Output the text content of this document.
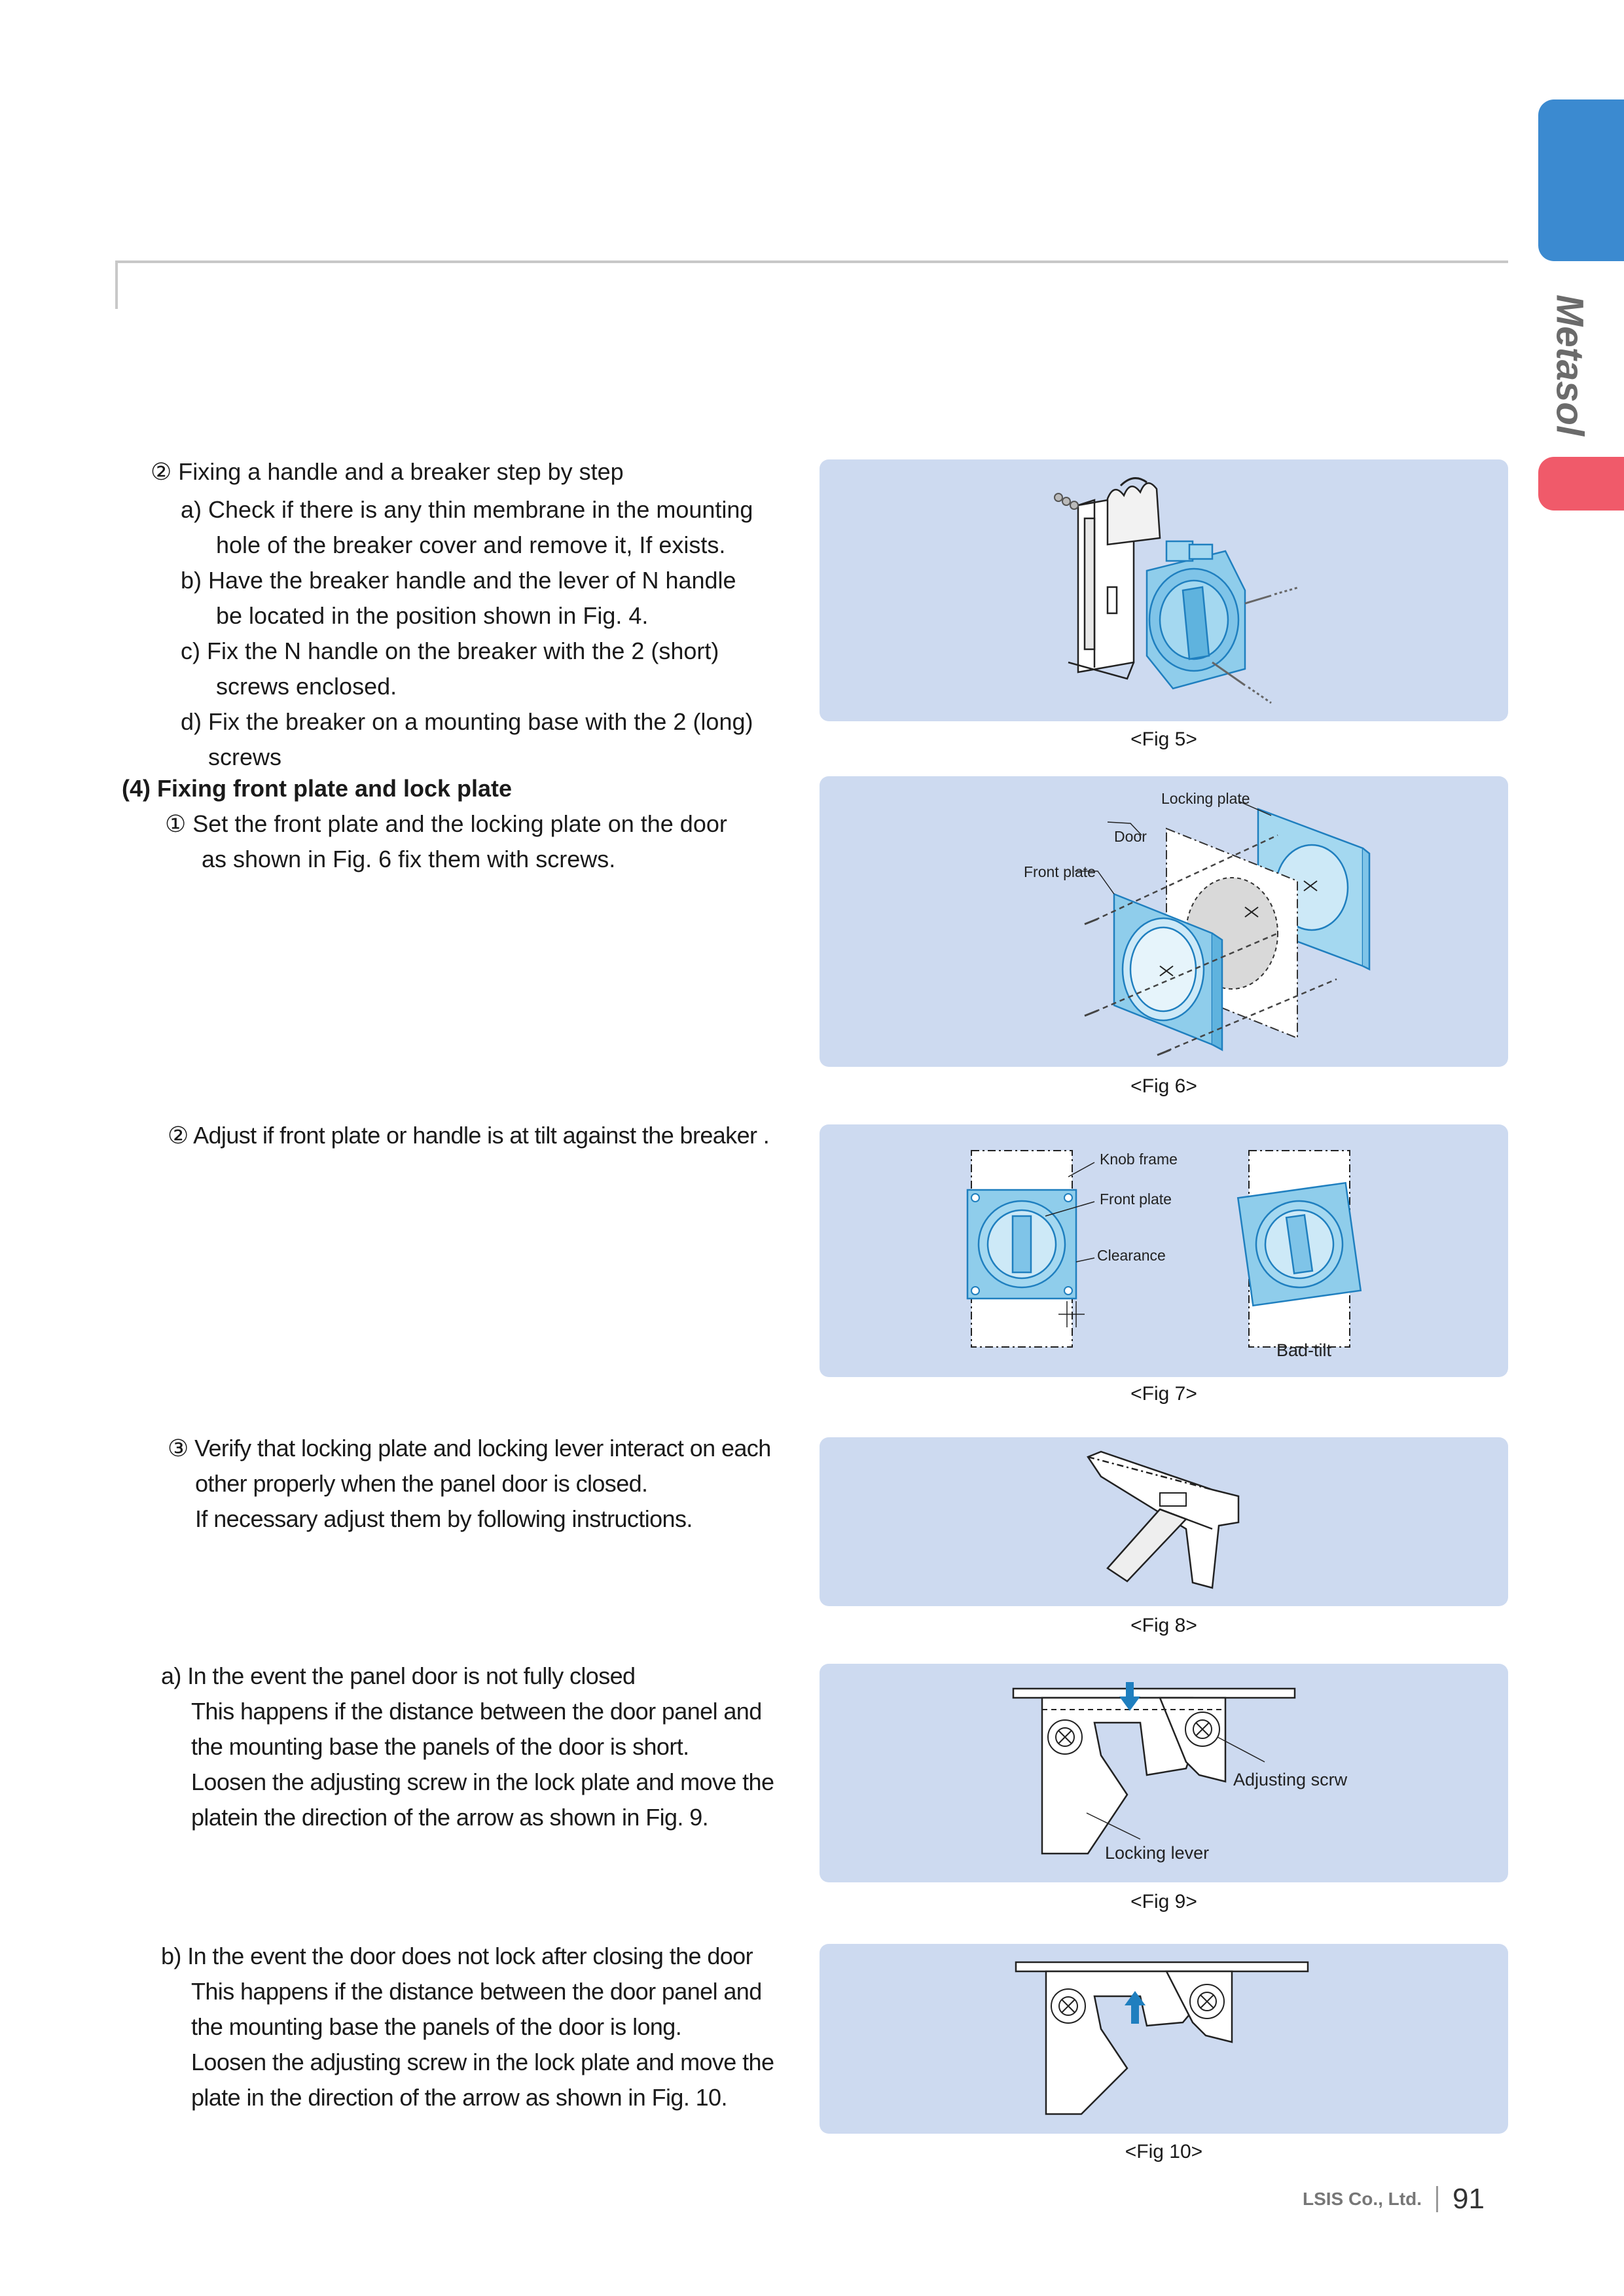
Metasol
② Fixing a handle and a breaker step by step
a) Check if there is any thin membrane in the mounting
hole of the breaker cover and remove it, If exists.
b) Have the breaker handle and the lever of N handle
be located in the position shown in Fig. 4.
c) Fix the N handle on the breaker with the 2 (short)
screws enclosed.
d) Fix the breaker on a mounting base with the 2 (long)
screws
(4) Fixing front plate and lock plate
① Set the front plate and the locking plate on the door
as shown in Fig. 6 fix them with screws.
② Adjust if front plate or handle is at tilt against the breaker .
③ Verify that locking plate and locking lever interact on each
other properly when the panel door is closed.
If necessary adjust them by following instructions.
a) In the event the panel door is not fully closed
This happens if the distance between the door panel and
the mounting base the panels of the door is short.
Loosen the adjusting screw in the lock plate and move the
platein the direction of the arrow as shown in Fig. 9.
b) In the event the door does not lock after closing the door
This happens if the distance between the door panel and
the mounting base the panels of the door is long.
Loosen the adjusting screw in the lock plate and move the
plate in the direction of the arrow as shown in Fig. 10.
<Fig 5>
Locking plate
Door
Front plate
<Fig 6>
Knob frame
Front plate
Clearance
Bad-tilt
<Fig 7>
<Fig 8>
Adjusting scrw
Locking lever
<Fig 9>
<Fig 10>
LSIS Co., Ltd. 91
